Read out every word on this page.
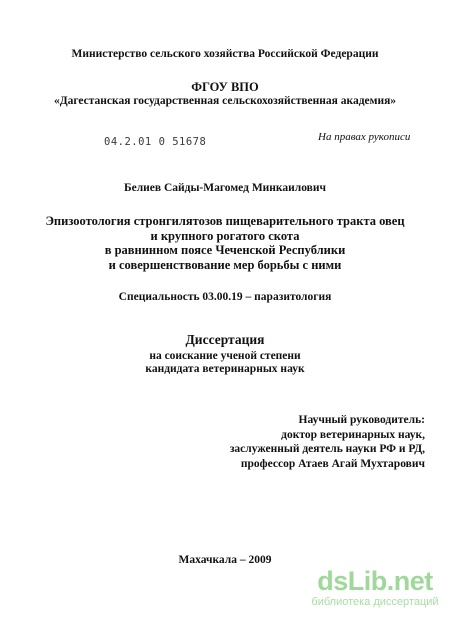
Министерство сельского хозяйства Российской Федерации
ФГОУ ВПО
«Дагестанская государственная сельскохозяйственная академия»
04.2.01 0 51678	На правах рукописи
Белиев Сайды-Магомед Минкаилович
Эпизоотология стронгилятозов пищеварительного тракта овец
и крупного рогатого скота
в равнинном поясе Чеченской Республики
и совершенствование мер борьбы с ними
Специальность 03.00.19 – паразитология
Диссертация
на соискание ученой степени
кандидата ветеринарных наук
Научный руководитель:
доктор ветеринарных наук,
заслуженный деятель науки РФ и РД,
профессор Атаев Агай Мухтарович
Махачкала – 2009
dsLib.net
библиотека диссертаций
